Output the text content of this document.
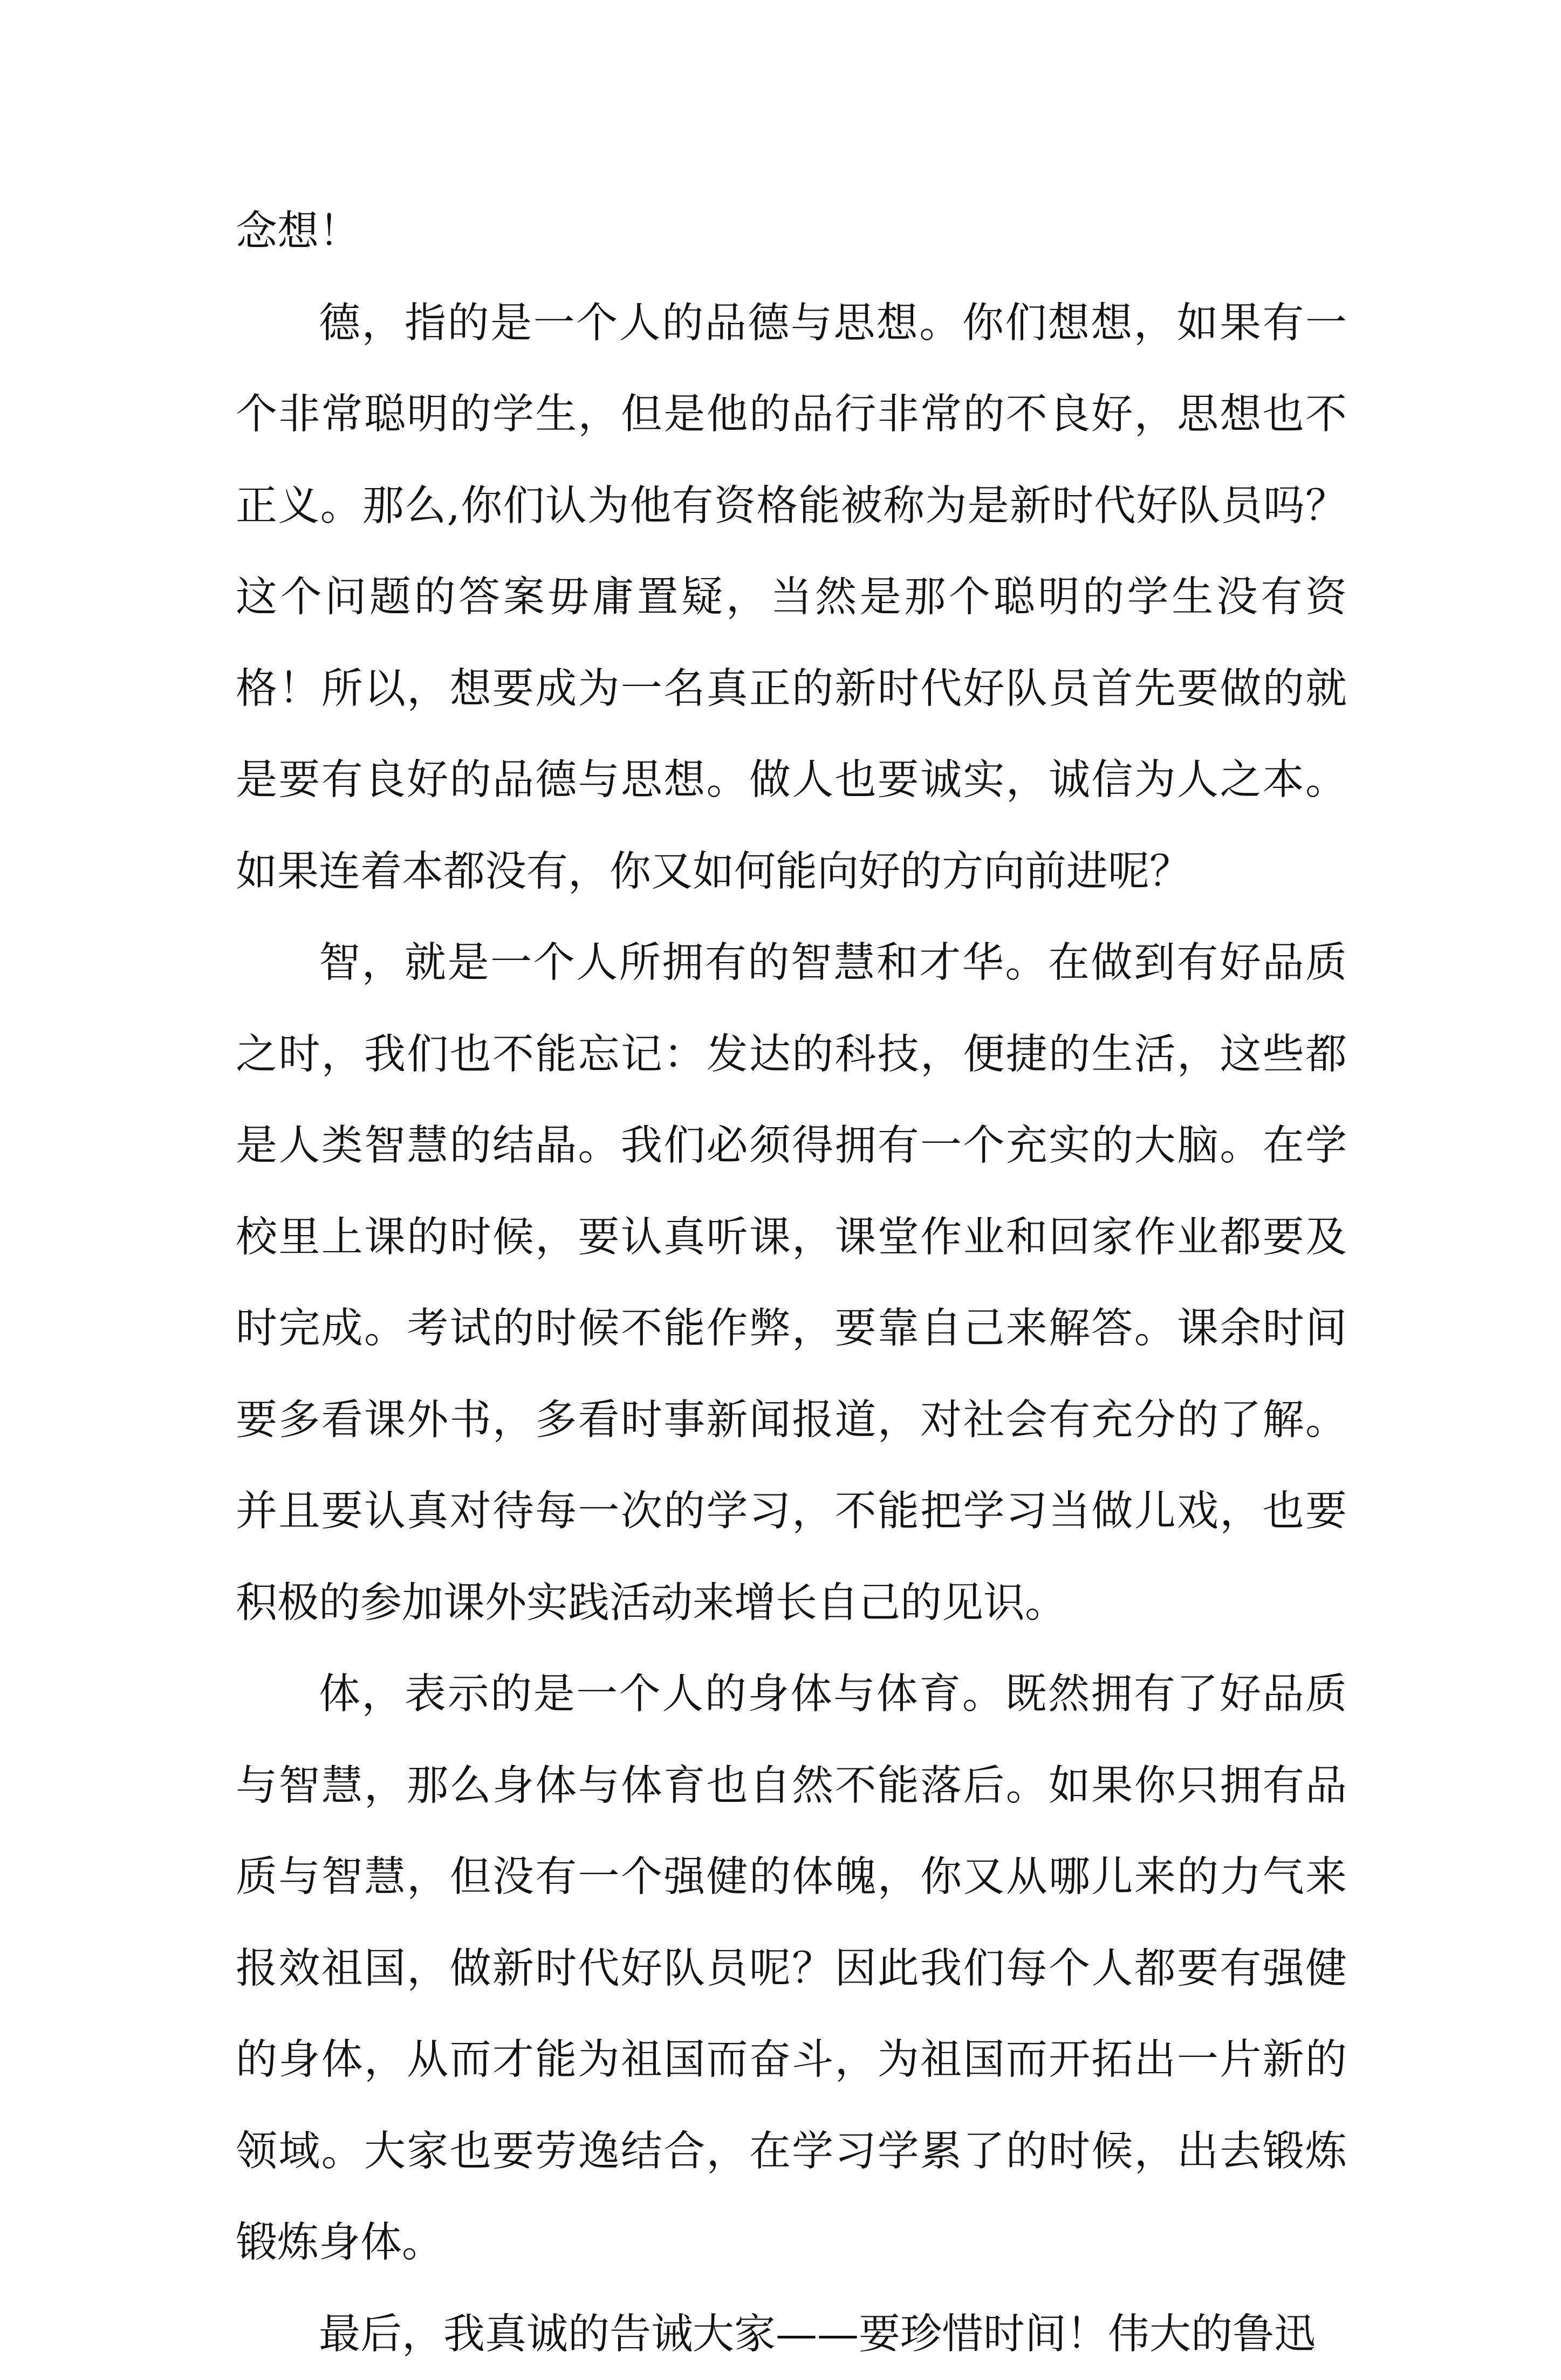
念想！

德，指的是一个人的品德与思想。你们想想，如果有一个非常聪明的学生，但是他的品行非常的不良好，思想也不正义。那么,你们认为他有资格能被称为是新时代好队员吗？这个问题的答案毋庸置疑，当然是那个聪明的学生没有资格！所以，想要成为一名真正的新时代好队员首先要做的就是要有良好的品德与思想。做人也要诚实，诚信为人之本。如果连着本都没有，你又如何能向好的方向前进呢？

智，就是一个人所拥有的智慧和才华。在做到有好品质之时，我们也不能忘记：发达的科技，便捷的生活，这些都是人类智慧的结晶。我们必须得拥有一个充实的大脑。在学校里上课的时候，要认真听课，课堂作业和回家作业都要及时完成。考试的时候不能作弊，要靠自己来解答。课余时间要多看课外书，多看时事新闻报道，对社会有充分的了解。并且要认真对待每一次的学习，不能把学习当做儿戏，也要积极的参加课外实践活动来增长自己的见识。

体，表示的是一个人的身体与体育。既然拥有了好品质与智慧，那么身体与体育也自然不能落后。如果你只拥有品质与智慧，但没有一个强健的体魄，你又从哪儿来的力气来报效祖国，做新时代好队员呢？因此我们每个人都要有强健的身体，从而才能为祖国而奋斗，为祖国而开拓出一片新的领域。大家也要劳逸结合，在学习学累了的时候，出去锻炼锻炼身体。

最后，我真诚的告诫大家——要珍惜时间！伟大的鲁迅
